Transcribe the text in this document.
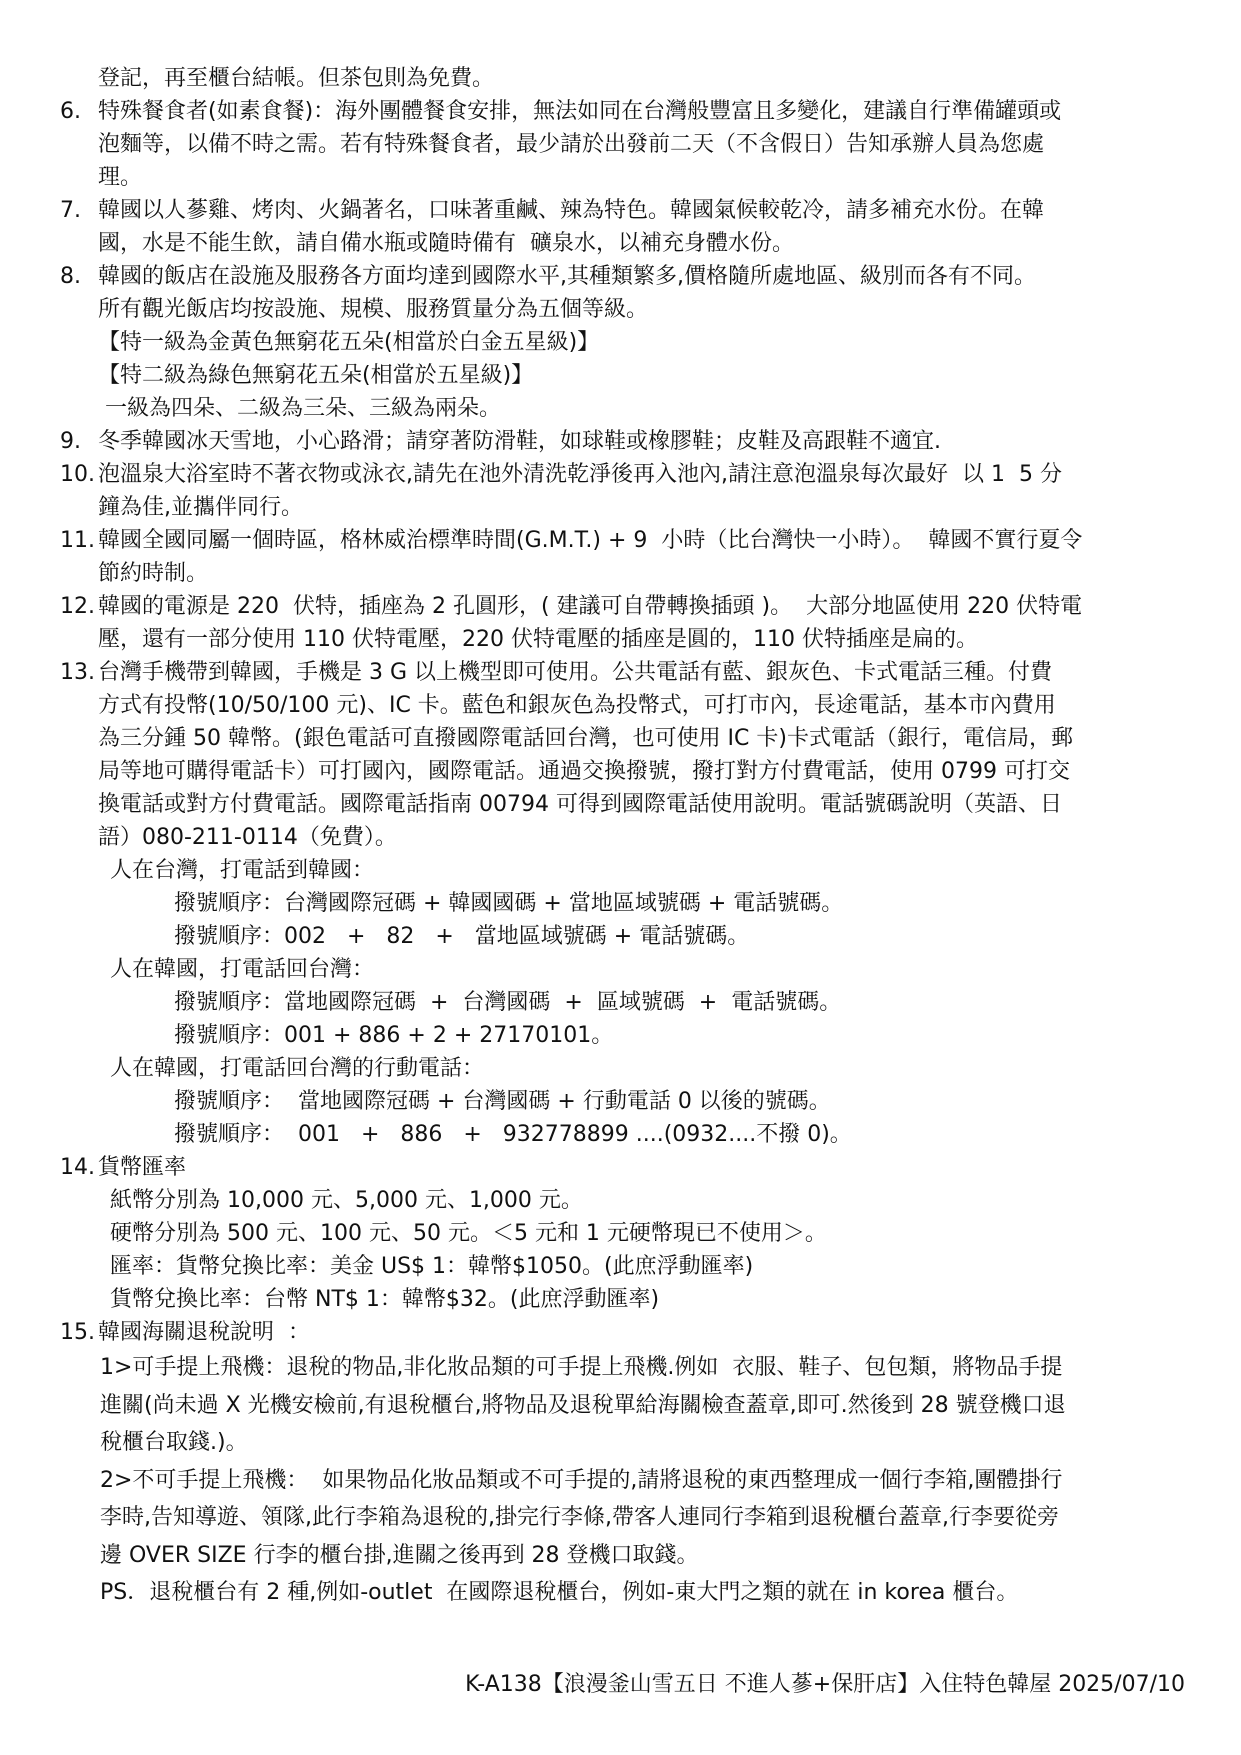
登記，再至櫃台結帳。但茶包則為免費。
6. 特殊餐食者(如素食餐)：海外團體餐食安排，無法如同在台灣般豐富且多變化，建議自行準備罐頭或
泡麵等，以備不時之需。若有特殊餐食者，最少請於出發前二天（不含假日）告知承辦人員為您處
理。
7. 韓國以人蔘雞、烤肉、火鍋著名，口味著重鹹、辣為特色。韓國氣候較乾冷，請多補充水份。在韓
國，水是不能生飲，請自備水瓶或隨時備有  礦泉水，以補充身體水份。
8. 韓國的飯店在設施及服務各方面均達到國際水平,其種類繁多,價格隨所處地區、級別而各有不同。
所有觀光飯店均按設施、規模、服務質量分為五個等級。
【特一級為金黃色無窮花五朵(相當於白金五星級)】
【特二級為綠色無窮花五朵(相當於五星級)】
一級為四朵、二級為三朵、三級為兩朵。
9. 冬季韓國冰天雪地，小心路滑；請穿著防滑鞋，如球鞋或橡膠鞋；皮鞋及高跟鞋不適宜.
10. 泡溫泉大浴室時不著衣物或泳衣,請先在池外清洗乾淨後再入池內,請注意泡溫泉每次最好  以 1  5 分
鐘為佳,並攜伴同行。
11. 韓國全國同屬一個時區，格林威治標準時間(G.M.T.) + 9  小時（比台灣快一小時）。  韓國不實行夏令
節約時制。
12. 韓國的電源是 220  伏特，插座為 2 孔圓形，( 建議可自帶轉換插頭 )。  大部分地區使用 220 伏特電
壓，還有一部分使用 110 伏特電壓，220 伏特電壓的插座是圓的，110 伏特插座是扁的。
13. 台灣手機帶到韓國，手機是 3 G 以上機型即可使用。公共電話有藍、銀灰色、卡式電話三種。付費
方式有投幣(10/50/100 元)、IC 卡。藍色和銀灰色為投幣式，可打市內，長途電話，基本市內費用
為三分鍾 50 韓幣。(銀色電話可直撥國際電話回台灣，也可使用 IC 卡)卡式電話（銀行，電信局，郵
局等地可購得電話卡）可打國內，國際電話。通過交換撥號，撥打對方付費電話，使用 0799 可打交
換電話或對方付費電話。國際電話指南 00794 可得到國際電話使用說明。電話號碼說明（英語、日
語）080-211-0114（免費）。
人在台灣，打電話到韓國：
撥號順序：台灣國際冠碼 + 韓國國碼 + 當地區域號碼 + 電話號碼。
撥號順序：002   +   82   +   當地區域號碼 + 電話號碼。
人在韓國，打電話回台灣：
撥號順序：當地國際冠碼  +  台灣國碼  +  區域號碼  +  電話號碼。
撥號順序：001 + 886 + 2 + 27170101。
人在韓國，打電話回台灣的行動電話：
撥號順序：  當地國際冠碼 + 台灣國碼 + 行動電話 0 以後的號碼。
撥號順序：  001   +   886   +   932778899 ....(0932....不撥 0)。
14. 貨幣匯率
紙幣分別為 10,000 元、5,000 元、1,000 元。
硬幣分別為 500 元、100 元、50 元。＜5 元和 1 元硬幣現已不使用＞。
匯率：貨幣兌換比率：美金 US$ 1：韓幣$1050。(此庶浮動匯率)
貨幣兌換比率：台幣 NT$ 1：韓幣$32。(此庶浮動匯率)
15. 韓國海關退稅說明  ：
1>可手提上飛機：退稅的物品,非化妝品類的可手提上飛機.例如  衣服、鞋子、包包類，將物品手提
進關(尚未過 X 光機安檢前,有退稅櫃台,將物品及退稅單給海關檢查蓋章,即可.然後到 28 號登機口退
稅櫃台取錢.)。
2>不可手提上飛機：  如果物品化妝品類或不可手提的,請將退稅的東西整理成一個行李箱,團體掛行
李時,告知導遊、領隊,此行李箱為退稅的,掛完行李條,帶客人連同行李箱到退稅櫃台蓋章,行李要從旁
邊 OVER SIZE 行李的櫃台掛,進關之後再到 28 登機口取錢。
PS．退稅櫃台有 2 種,例如-outlet  在國際退稅櫃台，例如-東大門之類的就在 in korea 櫃台。
K-A138【浪漫釜山雪五日 不進人蔘+保肝店】入住特色韓屋 2025/07/10
